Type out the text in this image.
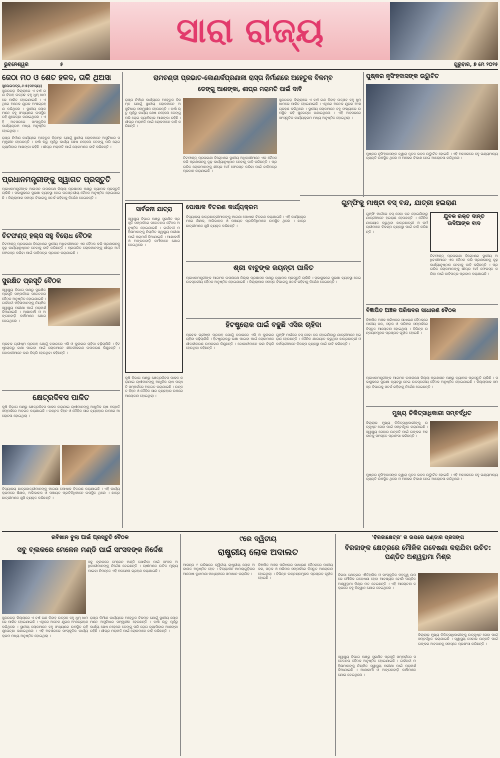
ସାରା ରାଜ୍ୟ
ଭୁବନେଶ୍ୱର	୫	ଗୁରୁବାର, ୭ ମେ ୨୦୨୫
ଜେଠା ମଠ ଓ ଶେତ ହଳଦ, ତାଳି ଥିଅସା
ସୁଲେଇପତ୍ର,୬।୫(ସମସ୍ୟା)
ସୁନ୍ଦରଗଡ଼ ଜିଲ୍ଲାରେ ଏ ବର୍ଷ ଗଣ ବିବାହ ଉତ୍ସବ ବହୁ ଧୁମ୍ ଧାମରେ ପାଳିତ ହୋଇଯାଇଛି । ଏଥିରେ ଅନେକ ଯୁଗଳ ଅଂଶଗ୍ରହଣ କରିଥିଲେ । ସ୍ଥାନୀୟ ଲୋକମାନେ ବହୁ ସଂଖ୍ୟାରେ ଉପସ୍ଥିତ ରହି ଶୁଭେଚ୍ଛା ଜଣାଇଥିଲେ । ଏହି ଅବସରରେ ସାଂସ୍କୃତିକ କାର୍ଯ୍ୟକ୍ରମ ମଧ୍ୟ ଅନୁଷ୍ଠିତ ହୋଇଥିଲା ।
ରାସ୍ତା ନିର୍ମାଣ କାର୍ଯ୍ୟରେ ଅହେତୁକ ବିଳମ୍ବ ଯୋଗୁଁ ସ୍ଥାନୀୟ ଲୋକମାନେ ଅସୁବିଧାର ସମ୍ମୁଖୀନ ହେଉଛନ୍ତି । ବର୍ଷା ଋତୁ ପୂର୍ବରୁ କାର୍ଯ୍ୟ ଶେଷ ନହେଲେ ଡେଙ୍ଗୁ ପରି ରୋଗ ବ୍ୟାପିବାର ଆଶଙ୍କା ରହିଛି । ଶୀଘ୍ର ମରାମତି ପାଇଁ ଲୋକମାନେ ଦାବି କରିଛନ୍ତି ।
ପ୍ରଧାନମନ୍ତ୍ରୀଙ୍କୁ ସ୍ୱାଗତ ପ୍ରସ୍ତୁତି
ପ୍ରଧାନମନ୍ତ୍ରୀଙ୍କ ଆଗମନ ଉପଲକ୍ଷେ ଜିଲ୍ଲା ପ୍ରଶାସନ ପକ୍ଷରୁ ବ୍ୟାପକ ପ୍ରସ୍ତୁତି ଚାଲିଛି । ସଭାସ୍ଥଳରେ ସୁରକ୍ଷା ବ୍ୟବସ୍ଥା ନେଇ ଉଚ୍ଚସ୍ତରୀୟ ବୈଠକ ଅନୁଷ୍ଠିତ ହୋଇଯାଇଛି । ଜିଲ୍ଲାପାଳ ସମସ୍ତ ବିଭାଗକୁ ସତର୍କ ରହିବାକୁ ନିର୍ଦ୍ଦେଶ ଦେଇଛନ୍ତି ।
ଚିଟଫଣ୍ଡ୍ ହଲ୍ସ ସହୁ ବିରୋଧ ବୈଠକ
ଚିଟଫଣ୍ଡ୍ ପ୍ରତାରଣା ବିରୋଧରେ ସ୍ଥାନୀୟ ଅଧିବାସୀମାନେ ଏକ ବୈଠକ କରି ପ୍ରଶାସନକୁ ଦୃଢ଼ କାର୍ଯ୍ୟାନୁଷ୍ଠାନ ନେବାକୁ ଦାବି କରିଛନ୍ତି । ପ୍ରତାରିତ ଲୋକମାନଙ୍କୁ ଶୀଘ୍ର ଅର୍ଥ ଫେରସ୍ତ କରିବା ପାଇଁ ଦାବିପତ୍ର ପ୍ରଦାନ କରାଯାଇଛି ।
ସୁରକ୍ଷିତ ପ୍ରସୂତି ବୈଠକ
ସ୍ୱାସ୍ଥ୍ୟ ବିଭାଗ ପକ୍ଷରୁ ସୁରକ୍ଷିତ ପ୍ରସୂତି ସମ୍ପର୍କରେ ସଚେତନତା ବୈଠକ ଅନୁଷ୍ଠିତ ହୋଇଯାଇଛି । ଗର୍ଭବତୀ ମହିଳାମାନଙ୍କୁ ନିୟମିତ ସ୍ୱାସ୍ଥ୍ୟ ପରୀକ୍ଷା ପାଇଁ ପରାମର୍ଶ ଦିଆଯାଇଛି । ଆଶାକର୍ମୀ ଓ ଅଙ୍ଗନବାଡ଼ି କର୍ମୀମାନେ ଯୋଗ ଦେଇଥିଲେ ।
ପ୍ରବଳ ଗ୍ରୀଷ୍ମ ପ୍ରବାହ ଯୋଗୁଁ ବଜାରରେ ଏସି ଓ କୁଲରର ଚାହିଦା ବଢ଼ିଚାଲିଛି । ହିଟଷ୍ଟ୍ରୋକରୁ ରକ୍ଷା ପାଇବା ପାଇଁ ଲୋକମାନେ ଶୀତଳୀକରଣ ଉପକରଣ କିଣୁଛନ୍ତି । ଦୋକାନୀମାନେ ଭଲ ବିକ୍ରି ହେଉଥିବା କହିଛନ୍ତି ।
କ୍ଷେତ୍ରଦିବସ ପାଳିତ
କୃଷି ବିଭାଗ ପକ୍ଷରୁ କ୍ଷେତ୍ରଦିବସ ପାଳନ କରାଯାଇ ଚାଷୀମାନଙ୍କୁ ଆଧୁନିକ ଚାଷ ପଦ୍ଧତି ସମ୍ପର୍କରେ ଅବଗତ କରାଯାଇଛି । ଉନ୍ନତ ବିହନ ଓ ଜୈବିକ ସାର ବ୍ୟବହାର ଉପରେ ଆଲୋଚନା ହୋଇଥିଲା ।
ବିଦ୍ୟାଳୟ ଛାତ୍ରଛାତ୍ରୀମାନଙ୍କୁ ମାଗଣା ପୋଷାକ ବିତରଣ କରାଯାଇଛି । ଏହି କାର୍ଯ୍ୟକ୍ରମରେ ଶିକ୍ଷକ, ଅଭିଭାବକ ଓ ପଞ୍ଚାୟତ ପ୍ରତିନିଧିମାନେ ଉପସ୍ଥିତ ଥିଲେ । ଛାତ୍ରଛାତ୍ରୀମାନେ ଖୁସି ବ୍ୟକ୍ତ କରିଛନ୍ତି ।
ରାମଚଣ୍ଡୀ ପ୍ରଭାତ-କୋଣାର୍କପ୍ରଣାଳୀ ରାସ୍ତା ନିର୍ମାଣରେ ଅହେତୁକ ବିଳମ୍ବ
ଡେଙ୍ଗୁ ଆଶଙ୍କା, ଶୀଘ୍ର ମରାମତି ପାଇଁ ଦାବି
ରାସ୍ତା ନିର୍ମାଣ କାର୍ଯ୍ୟରେ ଅହେତୁକ ବିଳମ୍ବ ଯୋଗୁଁ ସ୍ଥାନୀୟ ଲୋକମାନେ ଅସୁବିଧାର ସମ୍ମୁଖୀନ ହେଉଛନ୍ତି । ବର୍ଷା ଋତୁ ପୂର୍ବରୁ କାର୍ଯ୍ୟ ଶେଷ ନହେଲେ ଡେଙ୍ଗୁ ପରି ରୋଗ ବ୍ୟାପିବାର ଆଶଙ୍କା ରହିଛି । ଶୀଘ୍ର ମରାମତି ପାଇଁ ଲୋକମାନେ ଦାବି କରିଛନ୍ତି ।
ସୁନ୍ଦରଗଡ଼ ଜିଲ୍ଲାରେ ଏ ବର୍ଷ ଗଣ ବିବାହ ଉତ୍ସବ ବହୁ ଧୁମ୍ ଧାମରେ ପାଳିତ ହୋଇଯାଇଛି । ଏଥିରେ ଅନେକ ଯୁଗଳ ଅଂଶଗ୍ରହଣ କରିଥିଲେ । ସ୍ଥାନୀୟ ଲୋକମାନେ ବହୁ ସଂଖ୍ୟାରେ ଉପସ୍ଥିତ ରହି ଶୁଭେଚ୍ଛା ଜଣାଇଥିଲେ । ଏହି ଅବସରରେ ସାଂସ୍କୃତିକ କାର୍ଯ୍ୟକ୍ରମ ମଧ୍ୟ ଅନୁଷ୍ଠିତ ହୋଇଥିଲା ।
ଚିଟଫଣ୍ଡ୍ ପ୍ରତାରଣା ବିରୋଧରେ ସ୍ଥାନୀୟ ଅଧିବାସୀମାନେ ଏକ ବୈଠକ କରି ପ୍ରଶାସନକୁ ଦୃଢ଼ କାର୍ଯ୍ୟାନୁଷ୍ଠାନ ନେବାକୁ ଦାବି କରିଛନ୍ତି । ପ୍ରତାରିତ ଲୋକମାନଙ୍କୁ ଶୀଘ୍ର ଅର୍ଥ ଫେରସ୍ତ କରିବା ପାଇଁ ଦାବିପତ୍ର ପ୍ରଦାନ କରାଯାଇଛି ।
ସାର୍ବଜନୀ ଯାତ୍ରା
ସ୍ୱାସ୍ଥ୍ୟ ବିଭାଗ ପକ୍ଷରୁ ସୁରକ୍ଷିତ ପ୍ରସୂତି ସମ୍ପର୍କରେ ସଚେତନତା ବୈଠକ ଅନୁଷ୍ଠିତ ହୋଇଯାଇଛି । ଗର୍ଭବତୀ ମହିଳାମାନଙ୍କୁ ନିୟମିତ ସ୍ୱାସ୍ଥ୍ୟ ପରୀକ୍ଷା ପାଇଁ ପରାମର୍ଶ ଦିଆଯାଇଛି । ଆଶାକର୍ମୀ ଓ ଅଙ୍ଗନବାଡ଼ି କର୍ମୀମାନେ ଯୋଗ ଦେଇଥିଲେ ।
ପୋଷାକ ବିତରଣ କାର୍ଯ୍ୟକ୍ରମ
ବିଦ୍ୟାଳୟ ଛାତ୍ରଛାତ୍ରୀମାନଙ୍କୁ ମାଗଣା ପୋଷାକ ବିତରଣ କରାଯାଇଛି । ଏହି କାର୍ଯ୍ୟକ୍ରମରେ ଶିକ୍ଷକ, ଅଭିଭାବକ ଓ ପଞ୍ଚାୟତ ପ୍ରତିନିଧିମାନେ ଉପସ୍ଥିତ ଥିଲେ । ଛାତ୍ରଛାତ୍ରୀମାନେ ଖୁସି ବ୍ୟକ୍ତ କରିଛନ୍ତି ।
ଶ୍ରୀ ବାବୁଙ୍କ ଜୟନ୍ତୀ ପାଳିତ
ପ୍ରଧାନମନ୍ତ୍ରୀଙ୍କ ଆଗମନ ଉପଲକ୍ଷେ ଜିଲ୍ଲା ପ୍ରଶାସନ ପକ୍ଷରୁ ବ୍ୟାପକ ପ୍ରସ୍ତୁତି ଚାଲିଛି । ସଭାସ୍ଥଳରେ ସୁରକ୍ଷା ବ୍ୟବସ୍ଥା ନେଇ ଉଚ୍ଚସ୍ତରୀୟ ବୈଠକ ଅନୁଷ୍ଠିତ ହୋଇଯାଇଛି । ଜିଲ୍ଲାପାଳ ସମସ୍ତ ବିଭାଗକୁ ସତର୍କ ରହିବାକୁ ନିର୍ଦ୍ଦେଶ ଦେଇଛନ୍ତି ।
ହିଟଷ୍ଟ୍ରୋକ ପାଇଁ ବଢୁଛି ଏସିର ଚାହିଦା
ପ୍ରବଳ ଗ୍ରୀଷ୍ମ ପ୍ରବାହ ଯୋଗୁଁ ବଜାରରେ ଏସି ଓ କୁଲରର ଚାହିଦା ବଢ଼ିଚାଲିଛି । ହିଟଷ୍ଟ୍ରୋକରୁ ରକ୍ଷା ପାଇବା ପାଇଁ ଲୋକମାନେ ଶୀତଳୀକରଣ ଉପକରଣ କିଣୁଛନ୍ତି । ଦୋକାନୀମାନେ ଭଲ ବିକ୍ରି ହେଉଥିବା କହିଛନ୍ତି ।
ଗୁମ୍ଫି ମାର୍ଗରେ ବସ୍ ସେବା ବନ୍ଦ ହୋଇଯିବାରୁ ଯାତ୍ରୀମାନେ ହଇରାଣ ହେଉଛନ୍ତି । ଦୈନିକ ଯାତାୟାତ କରୁଥିବା ଛାତ୍ରଛାତ୍ରୀ ଓ କର୍ମଚାରୀମାନେ ବିକଳ୍ପ ବ୍ୟବସ୍ଥା ପାଇଁ ଦାବି କରିଛନ୍ତି ।
କୃଷି ବିଭାଗ ପକ୍ଷରୁ କ୍ଷେତ୍ରଦିବସ ପାଳନ କରାଯାଇ ଚାଷୀମାନଙ୍କୁ ଆଧୁନିକ ଚାଷ ପଦ୍ଧତି ସମ୍ପର୍କରେ ଅବଗତ କରାଯାଇଛି । ଉନ୍ନତ ବିହନ ଓ ଜୈବିକ ସାର ବ୍ୟବହାର ଉପରେ ଆଲୋଚନା ହୋଇଥିଲା ।
ପୁଷ୍କର ନୃସିଂହଦାସଙ୍କ ଉଦ୍ଘାଟିତ
ପୁଷ୍କର ନୃସିଂହଦାସଙ୍କ ଦ୍ୱାରା ନୂତନ ଭବନ ଉଦ୍ଘାଟିତ ହୋଇଛି । ଏହି ଅବସରରେ ବହୁ ଗଣ୍ୟମାନ୍ୟ ବ୍ୟକ୍ତି ଉପସ୍ଥିତ ଥିଲେ ଓ ଅଞ୍ଚଳର ବିକାଶ ନେଇ ଆଲୋଚନା କରିଥିଲେ ।
ଗୁମ୍ଫିକୁ ମାଷ୍ଟୀ ବସ୍ ବନ୍ଦ, ଯାତ୍ରୀ ହଇରାଣ
ଗୁମ୍ଫି ମାର୍ଗରେ ବସ୍ ସେବା ବନ୍ଦ ହୋଇଯିବାରୁ ଯାତ୍ରୀମାନେ ହଇରାଣ ହେଉଛନ୍ତି । ଦୈନିକ ଯାତାୟାତ କରୁଥିବା ଛାତ୍ରଛାତ୍ରୀ ଓ କର୍ମଚାରୀମାନେ ବିକଳ୍ପ ବ୍ୟବସ୍ଥା ପାଇଁ ଦାବି କରିଛନ୍ତି ।
ଯୁବକ ରକ୍ତ ଦାନ୍ତି ଉଦିଆଙ୍କ ବାଦ
ଚିଟଫଣ୍ଡ୍ ପ୍ରତାରଣା ବିରୋଧରେ ସ୍ଥାନୀୟ ଅଧିବାସୀମାନେ ଏକ ବୈଠକ କରି ପ୍ରଶାସନକୁ ଦୃଢ଼ କାର୍ଯ୍ୟାନୁଷ୍ଠାନ ନେବାକୁ ଦାବି କରିଛନ୍ତି । ପ୍ରତାରିତ ଲୋକମାନଙ୍କୁ ଶୀଘ୍ର ଅର୍ଥ ଫେରସ୍ତ କରିବା ପାଇଁ ଦାବିପତ୍ର ପ୍ରଦାନ କରାଯାଇଛି ।
ବିଜ୍ଞାପିତ ଅଞ୍ଚଳ ପରିଷଦର ସାଧାରଣ ବୈଠକ
ବିଜ୍ଞାପିତ ଅଞ୍ଚଳ ପରିଷଦର ସାଧାରଣ ବୈଠକରେ ପାନୀୟ ଜଳ, ସଡ଼କ ଓ ପରିମଳ ସମ୍ପର୍କରେ ବିସ୍ତୃତ ଆଲୋଚନା ହୋଇଥିଲା । ବିଭିନ୍ନ ଉନ୍ନୟନମୂଳକ ପ୍ରସ୍ତାବ ଗୃହୀତ ହୋଇଛି ।
ପ୍ରଧାନମନ୍ତ୍ରୀଙ୍କ ଆଗମନ ଉପଲକ୍ଷେ ଜିଲ୍ଲା ପ୍ରଶାସନ ପକ୍ଷରୁ ବ୍ୟାପକ ପ୍ରସ୍ତୁତି ଚାଲିଛି । ସଭାସ୍ଥଳରେ ସୁରକ୍ଷା ବ୍ୟବସ୍ଥା ନେଇ ଉଚ୍ଚସ୍ତରୀୟ ବୈଠକ ଅନୁଷ୍ଠିତ ହୋଇଯାଇଛି । ଜିଲ୍ଲାପାଳ ସମସ୍ତ ବିଭାଗକୁ ସତର୍କ ରହିବାକୁ ନିର୍ଦ୍ଦେଶ ଦେଇଛନ୍ତି ।
ମୁଖ୍ୟ ଚିକିତ୍ସାଧିକାରୀ ସମ୍ବର୍ଦ୍ଧିତ
ଜିଲ୍ଲାର ମୁଖ୍ୟ ଚିକିତ୍ସାଧିକାରୀଙ୍କୁ ଉତ୍କୃଷ୍ଟ ସେବା ପାଇଁ ସମ୍ବର୍ଦ୍ଧିତ କରାଯାଇଛି । ସ୍ୱାସ୍ଥ୍ୟ ସେବାର ଉନ୍ନତି ପାଇଁ ତାଙ୍କର ଅବଦାନକୁ ସମସ୍ତେ ପ୍ରଶଂସା କରିଛନ୍ତି ।
ପୁଷ୍କର ନୃସିଂହଦାସଙ୍କ ଦ୍ୱାରା ନୂତନ ଭବନ ଉଦ୍ଘାଟିତ ହୋଇଛି । ଏହି ଅବସରରେ ବହୁ ଗଣ୍ୟମାନ୍ୟ ବ୍ୟକ୍ତି ଉପସ୍ଥିତ ଥିଲେ ଓ ଅଞ୍ଚଳର ବିକାଶ ନେଇ ଆଲୋଚନା କରିଥିଲେ ।
ରବିଖାନ ବୁଲା ପାଇଁ ପ୍ରସ୍ତୁତି ବୈଠକ
ସବୁ ବ୍ଲକରେ ମେଳେନ ମଣ୍ଡି ପାଇଁ ସାଂସଦଙ୍କ ନିର୍ଦ୍ଦେଶ
ସବୁ ବ୍ଲକରେ ମେଳେନ ମଣ୍ଡି ଖୋଲିବା ପାଇଁ ସାଂସଦ ଅଧିକାରୀମାନଙ୍କୁ ନିର୍ଦ୍ଦେଶ ଦେଇଛନ୍ତି । ଚାଷୀମାନେ ଉଚିତ ମୂଲ୍ୟ ପାଇବା ନିମନ୍ତେ ଏହି ପଦକ୍ଷେପ ଗ୍ରହଣ କରାଯାଇଛି ।
ସୁନ୍ଦରଗଡ଼ ଜିଲ୍ଲାରେ ଏ ବର୍ଷ ଗଣ ବିବାହ ଉତ୍ସବ ବହୁ ଧୁମ୍ ଧାମରେ ପାଳିତ ହୋଇଯାଇଛି । ଏଥିରେ ଅନେକ ଯୁଗଳ ଅଂଶଗ୍ରହଣ କରିଥିଲେ । ସ୍ଥାନୀୟ ଲୋକମାନେ ବହୁ ସଂଖ୍ୟାରେ ଉପସ୍ଥିତ ରହି ଶୁଭେଚ୍ଛା ଜଣାଇଥିଲେ । ଏହି ଅବସରରେ ସାଂସ୍କୃତିକ କାର୍ଯ୍ୟକ୍ରମ ମଧ୍ୟ ଅନୁଷ୍ଠିତ ହୋଇଥିଲା ।
ରାସ୍ତା ନିର୍ମାଣ କାର୍ଯ୍ୟରେ ଅହେତୁକ ବିଳମ୍ବ ଯୋଗୁଁ ସ୍ଥାନୀୟ ଲୋକମାନେ ଅସୁବିଧାର ସମ୍ମୁଖୀନ ହେଉଛନ୍ତି । ବର୍ଷା ଋତୁ ପୂର୍ବରୁ କାର୍ଯ୍ୟ ଶେଷ ନହେଲେ ଡେଙ୍ଗୁ ପରି ରୋଗ ବ୍ୟାପିବାର ଆଶଙ୍କା ରହିଛି । ଶୀଘ୍ର ମରାମତି ପାଇଁ ଲୋକମାନେ ଦାବି କରିଛନ୍ତି ।
୯ରେ ଦ୍ୱିତୀୟ
ରାଷ୍ଟ୍ରୀୟ ଲୋକ ଅଦାଲତ
ଆସନ୍ତା ୯ ତାରିଖରେ ଦ୍ୱିତୀୟ ରାଷ୍ଟ୍ରୀୟ ଲୋକ ଅଦାଲତ ଅନୁଷ୍ଠିତ ହେବ । ବିଚାରାଧୀନ ମାମଲାଗୁଡ଼ିକର ଆପୋଷ ବୁଝାମଣା ମାଧ୍ୟମରେ ସମାଧାନ କରାଯିବ ।
ବିଜ୍ଞାପିତ ଅଞ୍ଚଳ ପରିଷଦର ସାଧାରଣ ବୈଠକରେ ପାନୀୟ ଜଳ, ସଡ଼କ ଓ ପରିମଳ ସମ୍ପର୍କରେ ବିସ୍ତୃତ ଆଲୋଚନା ହୋଇଥିଲା । ବିଭିନ୍ନ ଉନ୍ନୟନମୂଳକ ପ୍ରସ୍ତାବ ଗୃହୀତ ହୋଇଛି ।
'ବିରଜାକ୍ଷେତ୍ର' ର ଉପରେ ଭଣ୍ଡାର ପ୍ରସଙ୍ଗ
ବିରଜାଙ୍କ କ୍ଷେତ୍ରରେ ମୌଳିକ ଗବେଷଣା କରାଯିବା ଉଚିତ: ପଣ୍ଡିତ ଅଶ୍ୱତ୍ଥାମା ମିଶ୍ର
ବିରଜା କ୍ଷେତ୍ରର ଐତିହାସିକ ଓ ସାଂସ୍କୃତିକ ମହତ୍ତ୍ୱ ଉପରେ ମୌଳିକ ଗବେଷଣା ହେବା ଆବଶ୍ୟକ ବୋଲି ପଣ୍ଡିତ ଅଶ୍ୱତ୍ଥାମା ମିଶ୍ର ମତ ଦେଇଛନ୍ତି । ଏହି ଆଲୋଚନା ଚକ୍ରରେ ବହୁ ବିଦ୍ୱାନ ଯୋଗ ଦେଇଥିଲେ ।
ଜିଲ୍ଲାର ମୁଖ୍ୟ ଚିକିତ୍ସାଧିକାରୀଙ୍କୁ ଉତ୍କୃଷ୍ଟ ସେବା ପାଇଁ ସମ୍ବର୍ଦ୍ଧିତ କରାଯାଇଛି । ସ୍ୱାସ୍ଥ୍ୟ ସେବାର ଉନ୍ନତି ପାଇଁ ତାଙ୍କର ଅବଦାନକୁ ସମସ୍ତେ ପ୍ରଶଂସା କରିଛନ୍ତି ।
ସ୍ୱାସ୍ଥ୍ୟ ବିଭାଗ ପକ୍ଷରୁ ସୁରକ୍ଷିତ ପ୍ରସୂତି ସମ୍ପର୍କରେ ସଚେତନତା ବୈଠକ ଅନୁଷ୍ଠିତ ହୋଇଯାଇଛି । ଗର୍ଭବତୀ ମହିଳାମାନଙ୍କୁ ନିୟମିତ ସ୍ୱାସ୍ଥ୍ୟ ପରୀକ୍ଷା ପାଇଁ ପରାମର୍ଶ ଦିଆଯାଇଛି । ଆଶାକର୍ମୀ ଓ ଅଙ୍ଗନବାଡ଼ି କର୍ମୀମାନେ ଯୋଗ ଦେଇଥିଲେ ।
